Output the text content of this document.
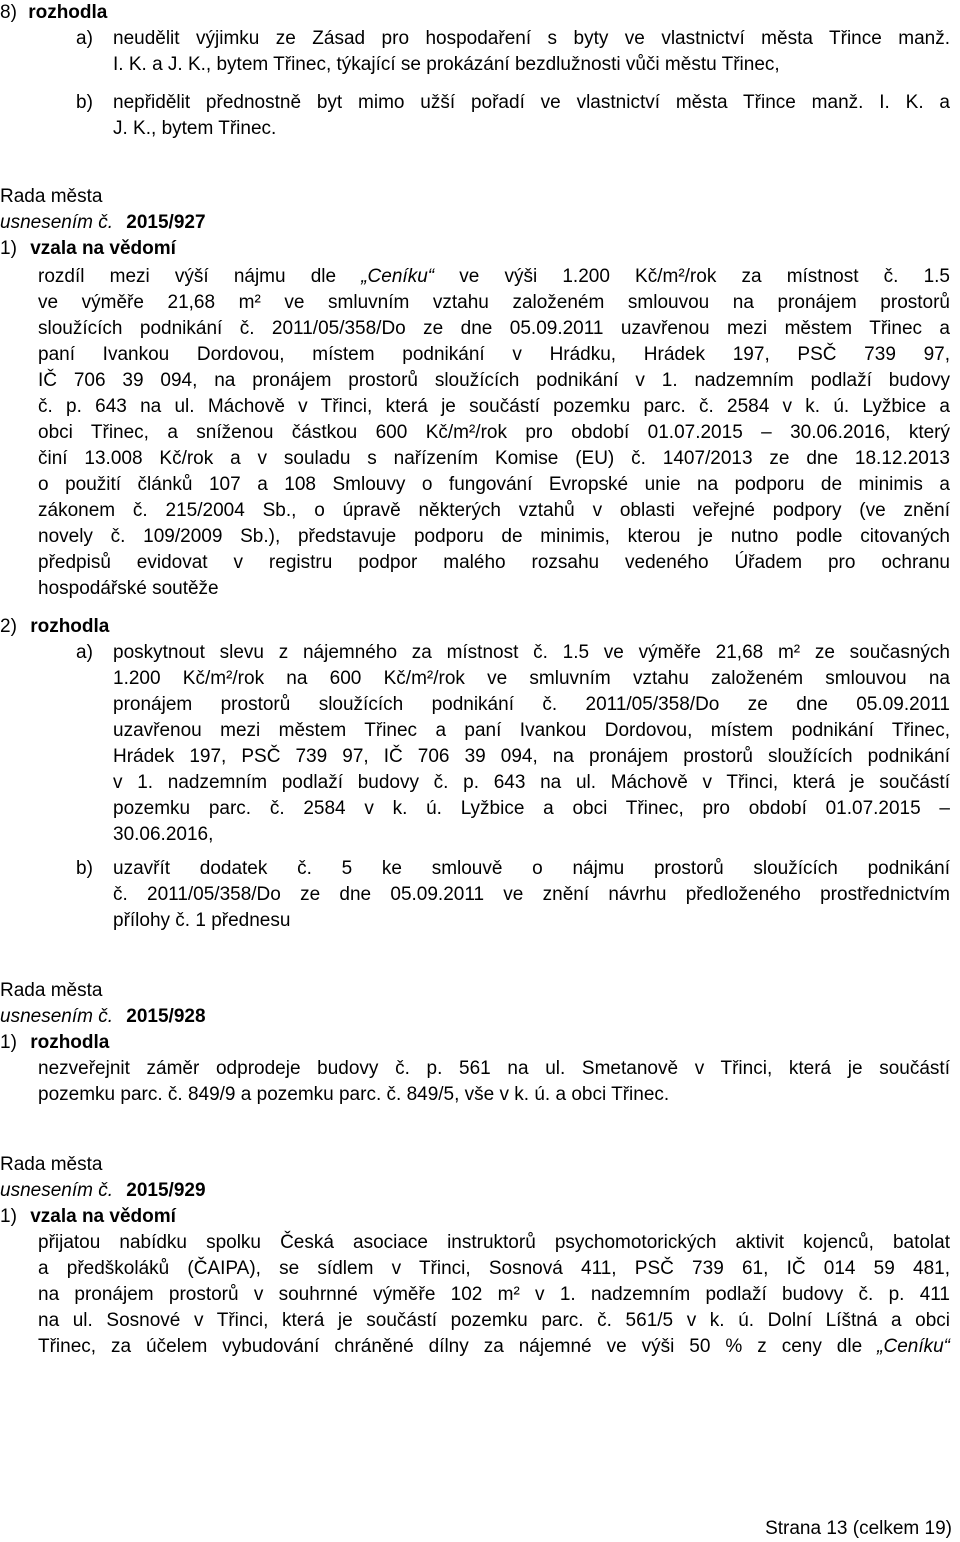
8) rozhodla
a) neudělit výjimku ze Zásad pro hospodaření s byty ve vlastnictví města Třince manž.
I. K. a J. K., bytem Třinec, týkající se prokázání bezdlužnosti vůči městu Třinec,
b) nepřidělit přednostně byt mimo užší pořadí ve vlastnictví města Třince manž. I. K. a
J. K., bytem Třinec.
Rada města
usnesením č. 2015/927
1) vzala na vědomí
rozdíl mezi výší nájmu dle „Ceníku“ ve výši 1.200 Kč/m²/rok za místnost č. 1.5
ve výměře 21,68 m² ve smluvním vztahu založeném smlouvou na pronájem prostorů
sloužících podnikání č. 2011/05/358/Do ze dne 05.09.2011 uzavřenou mezi městem Třinec a
paní Ivankou Dordovou, místem podnikání v Hrádku, Hrádek 197, PSČ 739 97,
IČ 706 39 094, na pronájem prostorů sloužících podnikání v 1. nadzemním podlaží budovy
č. p. 643 na ul. Máchově v Třinci, která je součástí pozemku parc. č. 2584 v k. ú. Lyžbice a
obci Třinec, a sníženou částkou 600 Kč/m²/rok pro období 01.07.2015 – 30.06.2016, který
činí 13.008 Kč/rok a v souladu s nařízením Komise (EU) č. 1407/2013 ze dne 18.12.2013
o použití článků 107 a 108 Smlouvy o fungování Evropské unie na podporu de minimis a
zákonem č. 215/2004 Sb., o úpravě některých vztahů v oblasti veřejné podpory (ve znění
novely č. 109/2009 Sb.), představuje podporu de minimis, kterou je nutno podle citovaných
předpisů evidovat v registru podpor malého rozsahu vedeného Úřadem pro ochranu
hospodářské soutěže
2) rozhodla
a) poskytnout slevu z nájemného za místnost č. 1.5 ve výměře 21,68 m² ze současných
1.200 Kč/m²/rok na 600 Kč/m²/rok ve smluvním vztahu založeném smlouvou na
pronájem prostorů sloužících podnikání č. 2011/05/358/Do ze dne 05.09.2011
uzavřenou mezi městem Třinec a paní Ivankou Dordovou, místem podnikání Třinec,
Hrádek 197, PSČ 739 97, IČ 706 39 094, na pronájem prostorů sloužících podnikání
v 1. nadzemním podlaží budovy č. p. 643 na ul. Máchově v Třinci, která je součástí
pozemku parc. č. 2584 v k. ú. Lyžbice a obci Třinec, pro období 01.07.2015 –
30.06.2016,
b) uzavřít dodatek č. 5 ke smlouvě o nájmu prostorů sloužících podnikání
č. 2011/05/358/Do ze dne 05.09.2011 ve znění návrhu předloženého prostřednictvím
přílohy č. 1 přednesu
Rada města
usnesením č. 2015/928
1) rozhodla
nezveřejnit záměr odprodeje budovy č. p. 561 na ul. Smetanově v Třinci, která je součástí
pozemku parc. č. 849/9 a pozemku parc. č. 849/5, vše v k. ú. a obci Třinec.
Rada města
usnesením č. 2015/929
1) vzala na vědomí
přijatou nabídku spolku Česká asociace instruktorů psychomotorických aktivit kojenců, batolat
a předškoláků (ČAIPA), se sídlem v Třinci, Sosnová 411, PSČ 739 61, IČ 014 59 481,
na pronájem prostorů v souhrnné výměře 102 m² v 1. nadzemním podlaží budovy č. p. 411
na ul. Sosnové v Třinci, která je součástí pozemku parc. č. 561/5 v k. ú. Dolní Líštná a obci
Třinec, za účelem vybudování chráněné dílny za nájemné ve výši 50 % z ceny dle „Ceníku“
Strana 13 (celkem 19)
